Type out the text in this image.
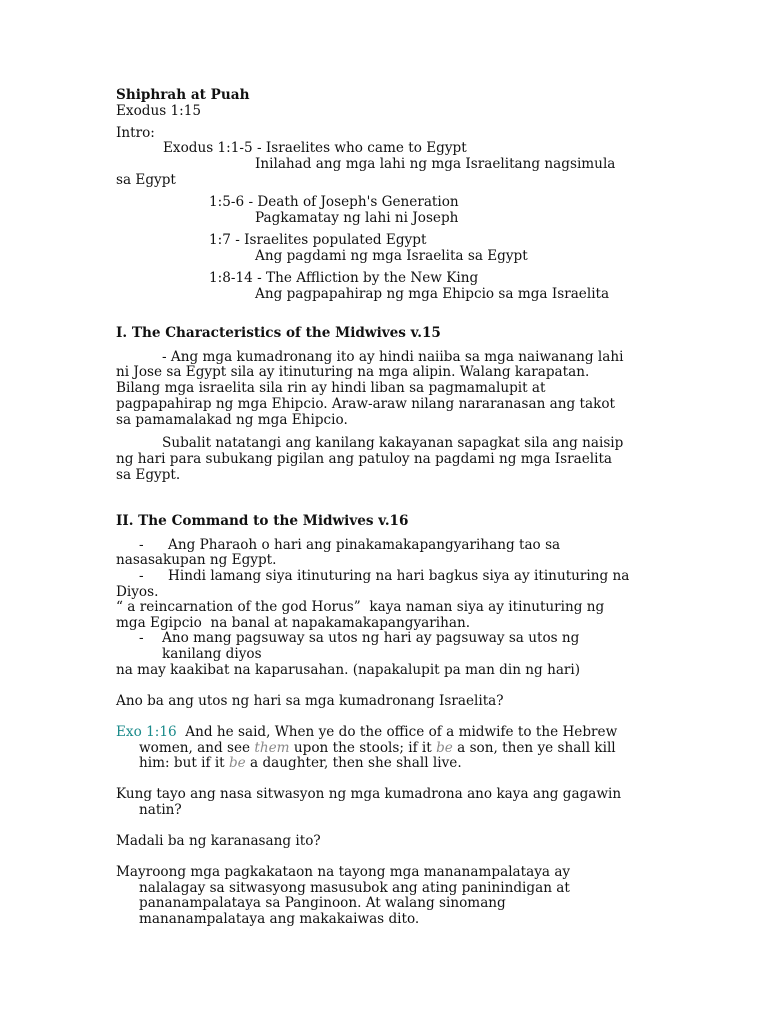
Shiphrah at Puah
Exodus 1:15
Intro:
Exodus 1:1-5 - Israelites who came to Egypt
Inilahad ang mga lahi ng mga Israelitang nagsimula
sa Egypt
1:5-6 - Death of Joseph's Generation
Pagkamatay ng lahi ni Joseph
1:7 - Israelites populated Egypt
Ang pagdami ng mga Israelita sa Egypt
1:8-14 - The Affliction by the New King
Ang pagpapahirap ng mga Ehipcio sa mga Israelita
I. The Characteristics of the Midwives v.15
- Ang mga kumadronang ito ay hindi naiiba sa mga naiwanang lahi
ni Jose sa Egypt sila ay itinuturing na mga alipin. Walang karapatan.
Bilang mga israelita sila rin ay hindi liban sa pagmamalupit at
pagpapahirap ng mga Ehipcio. Araw-araw nilang nararanasan ang takot
sa pamamalakad ng mga Ehipcio.
Subalit natatangi ang kanilang kakayanan sapagkat sila ang naisip
ng hari para subukang pigilan ang patuloy na pagdami ng mga Israelita
sa Egypt.
II. The Command to the Midwives v.16
- Ang Pharaoh o hari ang pinakamakapangyarihang tao sa
nasasakupan ng Egypt.
- Hindi lamang siya itinuturing na hari bagkus siya ay itinuturing na
Diyos.
“ a reincarnation of the god Horus”  kaya naman siya ay itinuturing ng
mga Egipcio  na banal at napakamakapangyarihan.
- Ano mang pagsuway sa utos ng hari ay pagsuway sa utos ng
kanilang diyos
na may kaakibat na kaparusahan. (napakalupit pa man din ng hari)
Ano ba ang utos ng hari sa mga kumadronang Israelita?
Exo 1:16  And he said, When ye do the office of a midwife to the Hebrew
women, and see them upon the stools; if it be a son, then ye shall kill
him: but if it be a daughter, then she shall live.
Kung tayo ang nasa sitwasyon ng mga kumadrona ano kaya ang gagawin
natin?
Madali ba ng karanasang ito?
Mayroong mga pagkakataon na tayong mga mananampalataya ay
nalalagay sa sitwasyong masusubok ang ating paninindigan at
pananampalataya sa Panginoon. At walang sinomang
mananampalataya ang makakaiwas dito.
